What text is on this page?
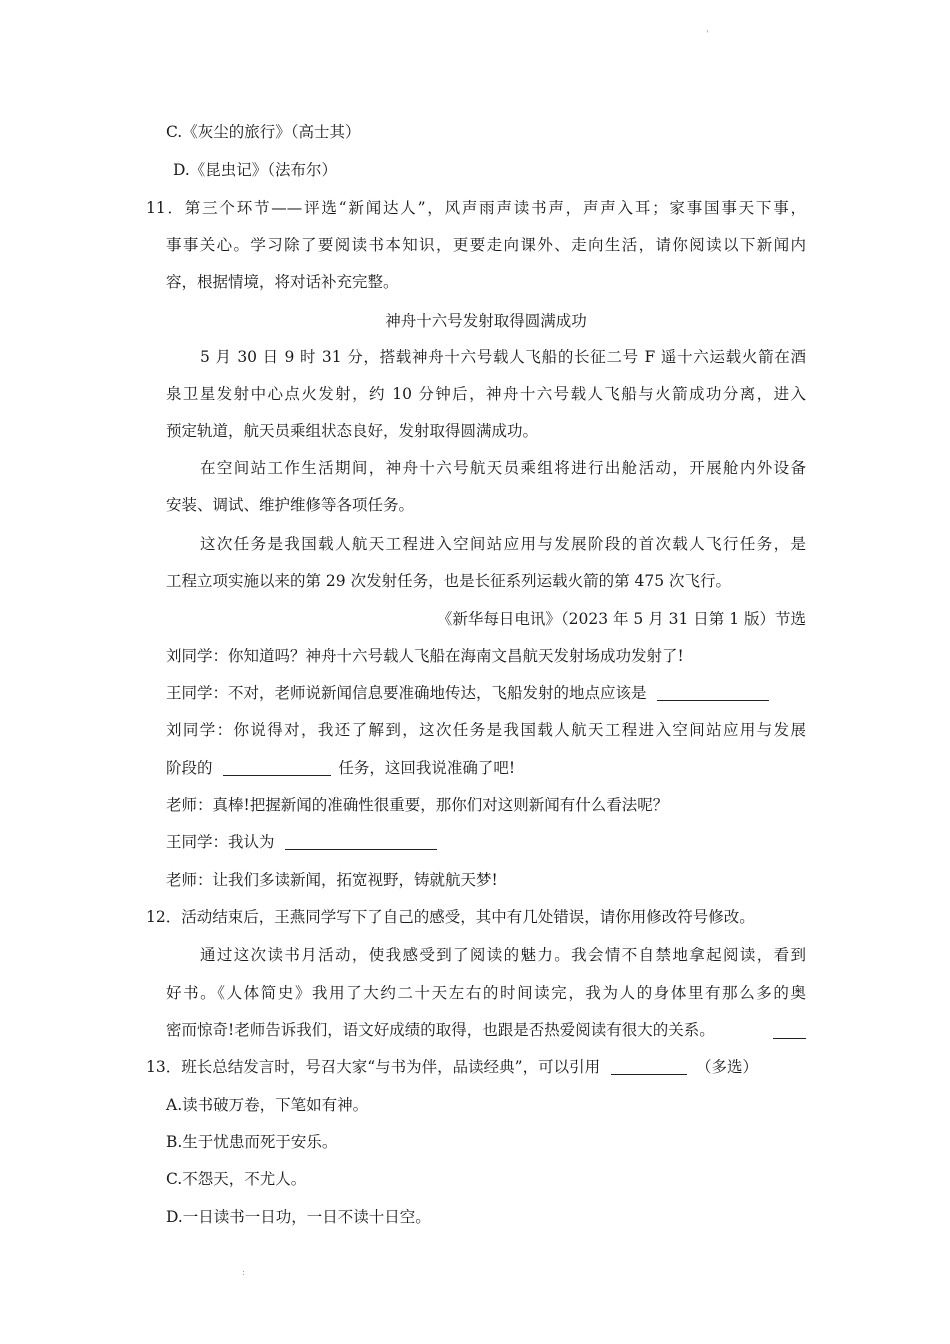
'
C.《灰尘的旅行》（高士其）
D.《昆虫记》（法布尔）
11．第三个环节——评选“新闻达人”，风声雨声读书声，声声入耳；家事国事天下事，
事事关心。学习除了要阅读书本知识，更要走向课外、走向生活，请你阅读以下新闻内
容，根据情境，将对话补充完整。
神舟十六号发射取得圆满成功
5 月 30 日 9 时 31 分，搭载神舟十六号载人飞船的长征二号 F 遥十六运载火箭在酒
泉卫星发射中心点火发射，约 10 分钟后，神舟十六号载人飞船与火箭成功分离，进入
预定轨道，航天员乘组状态良好，发射取得圆满成功。
在空间站工作生活期间，神舟十六号航天员乘组将进行出舱活动，开展舱内外设备
安装、调试、维护维修等各项任务。
这次任务是我国载人航天工程进入空间站应用与发展阶段的首次载人飞行任务，是
工程立项实施以来的第 29 次发射任务，也是长征系列运载火箭的第 475 次飞行。
《新华每日电讯》（2023 年 5 月 31 日第 1 版）节选
刘同学：你知道吗？神舟十六号载人飞船在海南文昌航天发射场成功发射了!
王同学：不对，老师说新闻信息要准确地传达，飞船发射的地点应该是
刘同学：你说得对，我还了解到，这次任务是我国载人航天工程进入空间站应用与发展
阶段的	任务，这回我说准确了吧!
老师：真棒!把握新闻的准确性很重要，那你们对这则新闻有什么看法呢？
王同学：我认为
老师：让我们多读新闻，拓宽视野，铸就航天梦!
12．活动结束后，王燕同学写下了自己的感受，其中有几处错误，请你用修改符号修改。
通过这次读书月活动，使我感受到了阅读的魅力。我会情不自禁地拿起阅读，看到
好书。《人体简史》我用了大约二十天左右的时间读完，我为人的身体里有那么多的奥
密而惊奇!老师告诉我们，语文好成绩的取得，也跟是否热爱阅读有很大的关系。
13．班长总结发言时，号召大家“与书为伴，品读经典”，可以引用	（多选）
A.读书破万卷，下笔如有神。
B.生于忧患而死于安乐。
C.不怨天，不尤人。
D.一日读书一日功，一日不读十日空。
:
